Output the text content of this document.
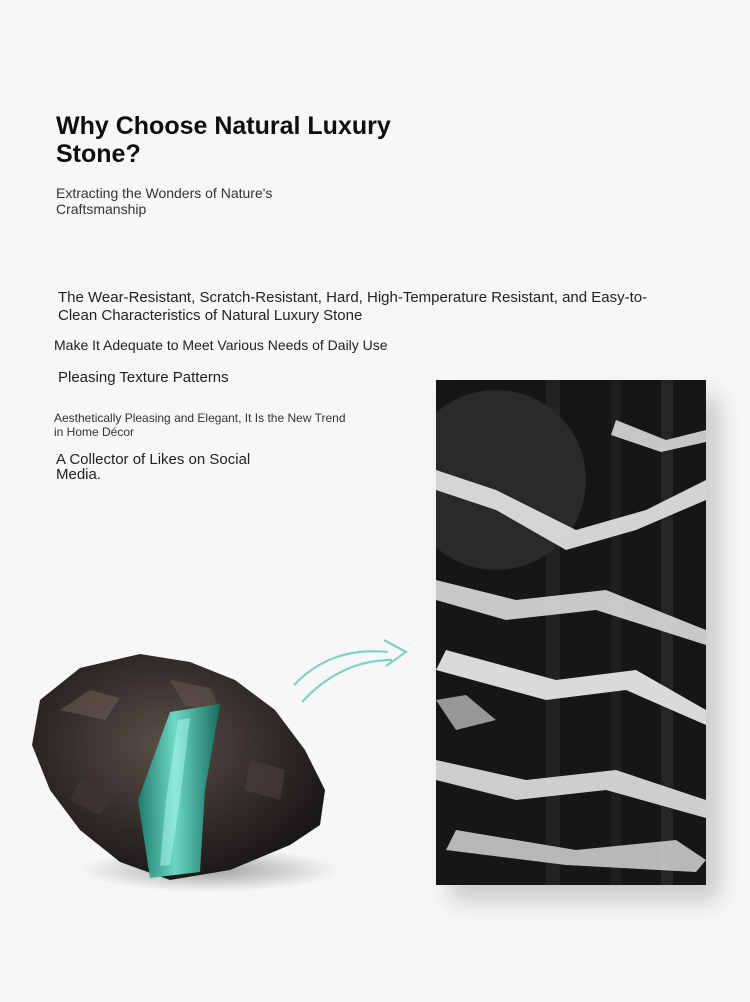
Why Choose Natural Luxury Stone?

Extracting the Wonders of Nature's Craftsmanship

The Wear-Resistant, Scratch-Resistant, Hard, High-Temperature Resistant, and Easy-to-Clean Characteristics of Natural Luxury Stone

Make It Adequate to Meet Various Needs of Daily Use

Pleasing Texture Patterns

Aesthetically Pleasing and Elegant, It Is the New Trend in Home Décor

A Collector of Likes on Social Media.
